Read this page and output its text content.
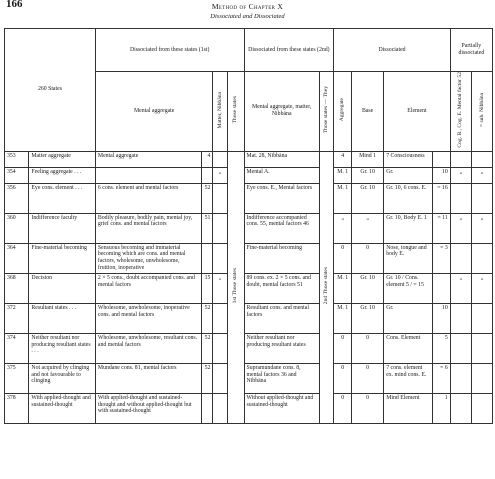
166	Method of Chapter X
Dissociated and Dissociated
260 States		Dissociated from these states (1st)				Dissociated from these states (2nd)		Dissociated				Partially dissociated	
		Mental aggregate		Matter, Nibbāna	Those states	Mental aggregate, matter, Nibbāna	Those states — They	Aggregate	Base	Element		Cog. B., Cog. E. Mental factor 52	= sub. Nibbāna
353	Matter aggregate	Mental aggregate	4		1st Those states	Mat. 28, Nibbāna	2nd Those states	4	Mind 1	7 Consciousness			
354	Feeling aggregate . . .			„		Mental A.		M. 1	Gr. 10	Gr.	10	„	„
356	Eye cons. element . . .	6 cons. element and mental factors	52			Eye cons. E., Mental factors		M. 1	Gr. 10	Gr. 10, 6 cons. E.	= 16		
360	Indifference faculty	Bodily pleasure, bodily pain, mental joy, grief cons. and mental factors	51			Indifference accompanied cons. 55, mental factors 46		„	„	Gr. 10, Body E. 1	= 11	„	„
364	Fine-material becoming	Sensuous becoming and immaterial becoming which are cons. and mental factors, wholesome, unwholesome, fruition, inoperative				Fine-material becoming		0	0	Nose, tongue and body E.	= 3		
368	Decision	2 × 5 cons., doubt accompanied cons. and mental factors	15	„		89 cons. ex. 2 × 5 cons. and doubt, mental factors 51		M. 1	Gr. 10	Gr. 10 / Cons. element 5 / = 15		„	„
372	Resultant states . . .	Wholesome, unwholesome, inoperative cons. and mental factors	52			Resultant cons. and mental factors		M. 1	Gr. 10	Gr.	10		
374	Neither resultant nor producing resultant states . . .	Wholesome, unwholesome, resultant cons. and mental factors	52			Neither resultant nor producing resultant states		0	0	Cons. Element	5		
375	Not acquired by clinging and not favourable to clinging	Mundane cons. 81, mental factors	52			Supramundane cons. 8, mental factors 36 and Nibbāna		0	0	7 cons. element ex. mind cons. E.	= 6		
378	With applied-thought and sustained-thought	With applied-thought and sustained-thought and without applied-thought but with sustained-thought				Without applied-thought and sustained-thought		0	0	Mind Element	1		
